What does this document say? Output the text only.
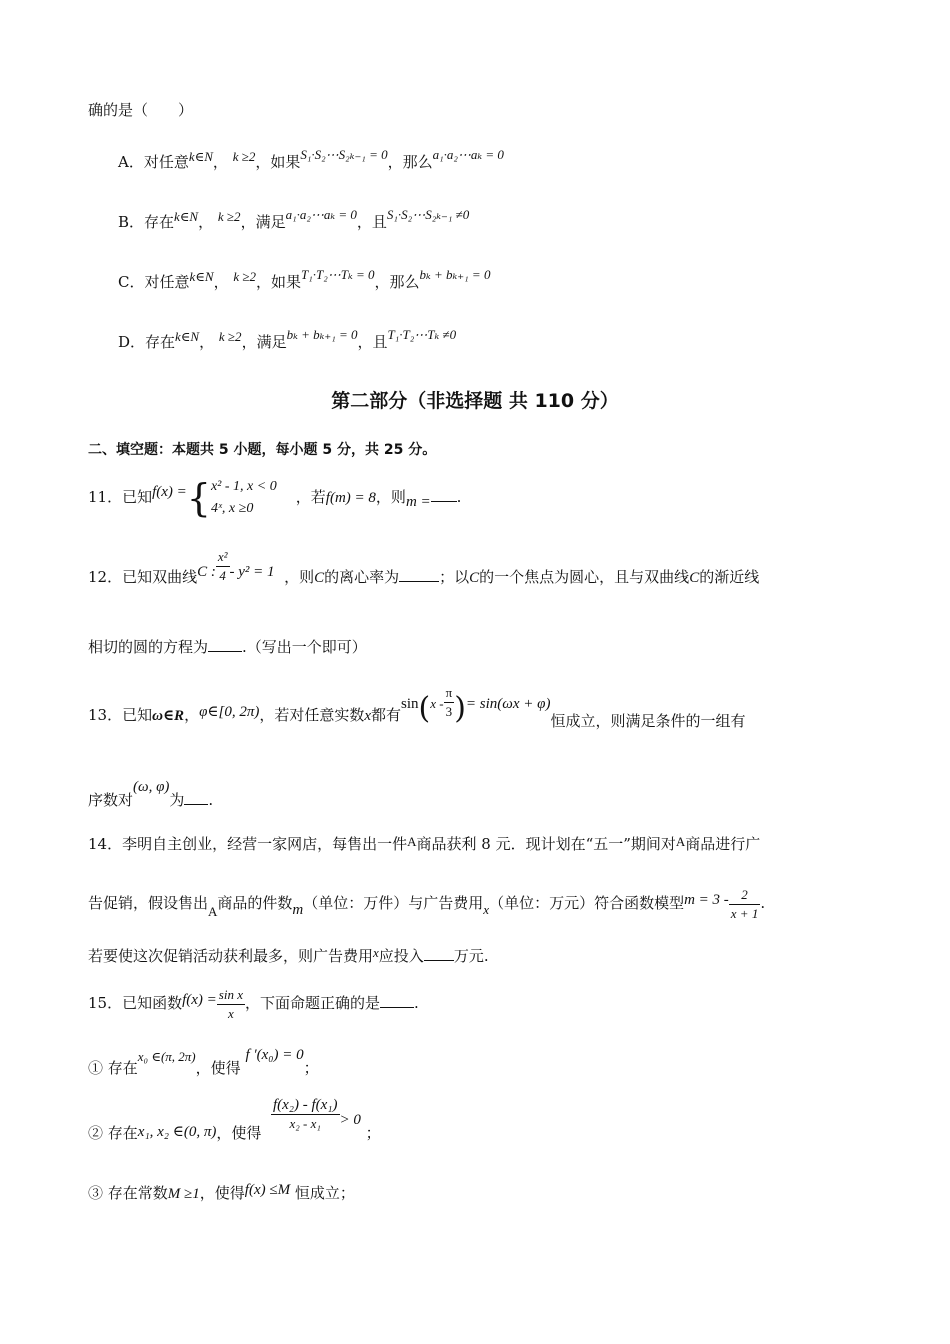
确的是（　　）
A．对任意k∈N， k ≥2，如果S₁·S₂⋯S₂ₖ₋₁ = 0，那么a₁·a₂⋯aₖ = 0
B．存在k∈N， k ≥2，满足a₁·a₂⋯aₖ = 0，且S₁·S₂⋯S₂ₖ₋₁ ≠0
C．对任意k∈N， k ≥2，如果T₁·T₂⋯Tₖ = 0，那么bₖ + bₖ₊₁ = 0
D．存在k∈N， k ≥2，满足bₖ + bₖ₊₁ = 0，且T₁·T₂⋯Tₖ ≠0
第二部分（非选择题 共 110 分）
二、填空题：本题共 5 小题，每小题 5 分，共 25 分。
11．已知f(x) ={ x² - 1, x < 0
4ˣ, x ≥0
，若f(m) = 8，则m = .
12．已知双曲线C : $\frac{\text{x²}}{4} - y^2 = 1$ ，则C的离心率为	；以C的一个焦点为圆心，且与双曲线C的渐近线
相切的圆的方程为 .（写出一个即可）
13．已知ω∈R，φ∈[0, 2π)，若对任意实数x都有$\sin(x - \frac{\pi}{3}$ )= sin(ωx + φ)恒成立，则满足条件的一组有
序数对(ω, φ)为 .
14．李明自主创业，经营一家网店，每售出一件A商品获利 8 元．现计划在“五一”期间对A商品进行广
告促销，假设售出A商品的件数m（单位：万件）与广告费用x（单位：万元）符合函数模型$m = 3 - \frac{2}{x + 1}$ .
若要使这次促销活动获利最多，则广告费用x应投入 万元.
15．已知函数$f(x) = \frac{\text{sin x}}{x}$ ，下面命题正确的是 .
① 存在x₀ ∈(π, 2π)，使得 f ′(x₀) = 0；
② 存在x₁, x₂ ∈(0, π)，使得 $\frac{\text{f(x₂) - f(x₁)}}{\text{x₂ - x₁}} > 0$ ；
③ 存在常数M ≥1，使得f(x) ≤M 恒成立；
